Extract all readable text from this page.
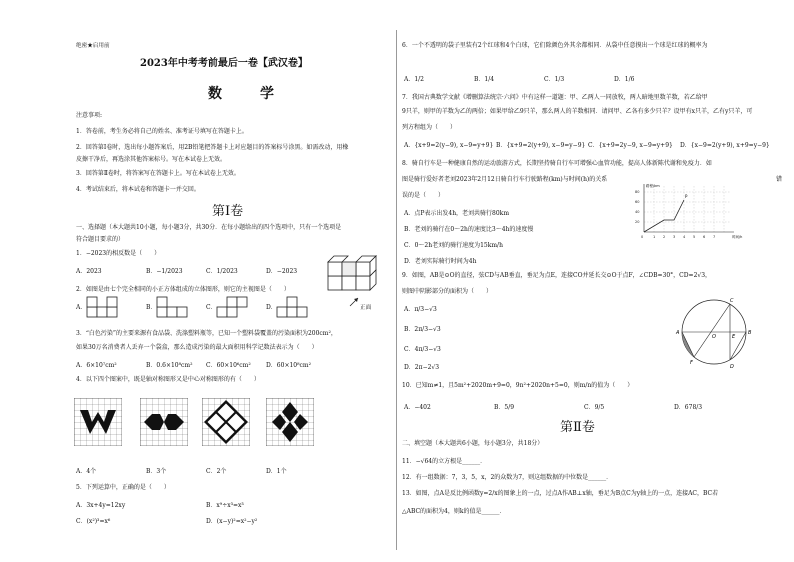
绝密★启用前
2023年中考考前最后一卷【武汉卷】
数　学
注意事项:
1．答卷前，考生务必将自己的姓名、准考证号填写在答题卡上。
2．回答第Ⅰ卷时，选出每小题答案后，用2B铅笔把答题卡上对应题目的答案标号涂黑。如需改动，用橡
皮擦干净后，再选涂其他答案标号。写在本试卷上无效。
3．回答第Ⅱ卷时，将答案写在答题卡上。写在本试卷上无效。
4．考试结束后，将本试卷和答题卡一并交回。
第Ⅰ卷
一、选择题（本大题共10小题，每小题3分，共30分．在每小题给出的四个选项中，只有一个选项是
符合题目要求的）
1．−2023的相反数是（　　）
A．2023	B．−1/2023	C．1/2023	D．−2023
正面
2．如图是由七个完全相同的小正方体组成的立体图形，则它的主视图是（　　）
A．	B．	C．	D．
3．“白色污染”的主要来源有食品袋、洗涤塑料瓶等，已知一个塑料袋覆盖的污染面积为200cm²，
如果30万名消费者人丢弃一个袋盒，那么造成污染的最大面积用科学记数法表示为（　　）
A．6×10⁷cm²	B．0.6×10⁸cm² C．60×10⁶cm²	D．60×10⁸cm²
4．以下四个图案中，既是轴对称图形又是中心对称图形的有（　　）
A．4个	B．3个	C．2个	D．1个
5．下列运算中，正确的是（　　）
A．3x+4y=12xy	B．x⁹÷x³=x³
C．(x²)³=x⁶	D．(x−y)²=x²−y²
6．一个不透明的袋子里装有2个红球和4个白球，它们除颜色外其余都相同．从袋中任意摸出一个球是红球的概率为
A．1/2	B．1/4	C．1/3	D．1/6
7．我国古典数学文献《增删算法统宗·六问》中有这样一道题：甲、乙两人一同放牧，两人暗地里数羊数，若乙给甲
9只羊，则甲的羊数为乙的两倍；如果甲给乙9只羊，那么两人的羊数相同．请问甲、乙各有多少只羊？设甲有x只羊，乙有y只羊，可
列方程组为（　　）
A．{x+9=2(y−9), x−9=y+9} B．{x+9=2(y+9), x−9=y−9} C．{x+9=2y−9, x−9=y+9} D．{x−9=2(y+9), x+9=y−9}
8．骑自行车是一种健康自然的运动旅游方式，长期坚持骑自行车可增强心血管功能，提高人体新陈代谢和免疫力．如
图是骑行爱好者老刘2023年2月12日骑自行车行驶路程(km)与时间(h)的关系	错
误的是（　　）	P
0	1 2 3 4 5 6 7
80
60
40
20
路程/km
时间/h
A．点P表示出发4h，老刘共骑行80km
B．老刘的骑行在0～2h的速度比3～4h的速度慢
C．0～2h老刘的骑行速度为15km/h
D．老刘实际骑行时间为4h
9．如图，AB是⊙O的直径，弦CD与AB垂直，垂足为点E，连接CO并延长交⊙O于点F，∠CDB=30°，CD=2√3，
则图中阴影部分的面积为（　　）
A．π/3−√3
B．2π/3−√3
C．4π/3−√3
D．2π−2√3
A	B
C
D
O	E
F
10．已知m≠1，且5m²+2020m+9=0，9n²+2020n+5=0，则m/n的值为（　　）
A．−402	B．5/9	C．9/5	D．678/3
第Ⅱ卷
二、填空题（本大题共6小题，每小题3分，共18分）
11．−√64的立方根是______．
12．有一组数据：7，3，5，x，2的众数为7，则这组数据的中位数是______．
13．如图，点A是反比例函数y=2/x的图象上的一点，过点A作AB⊥x轴，垂足为B点C为y轴上的一点，连接AC，BC若
△ABC的面积为4，则k的值是______．
